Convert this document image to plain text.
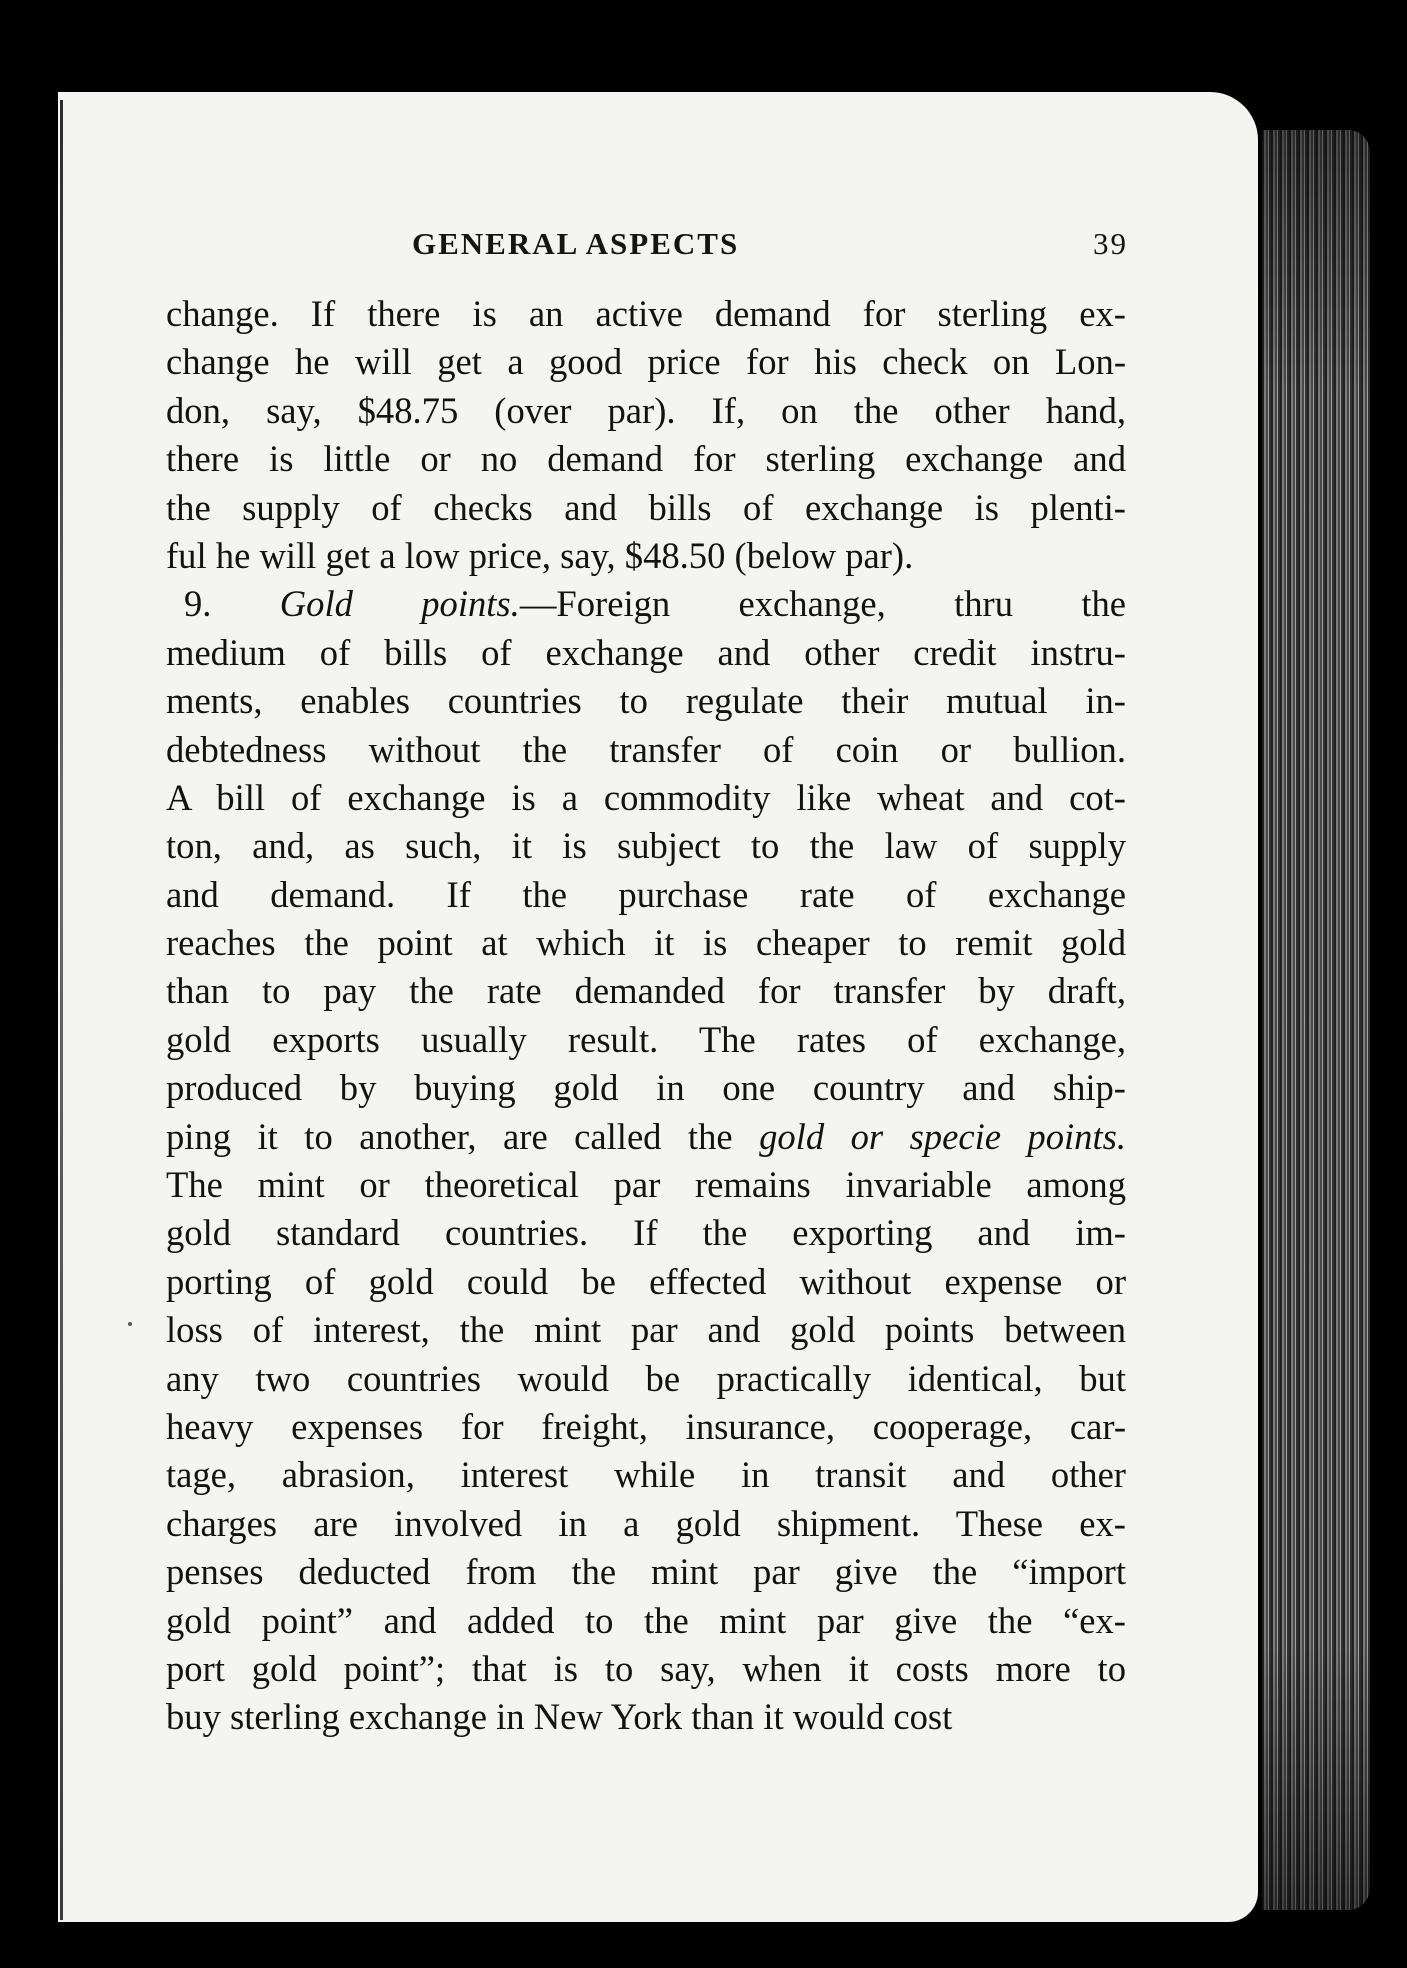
GENERAL ASPECTS	39
change. If there is an active demand for sterling ex-
change he will get a good price for his check on Lon-
don, say, $48.75 (over par). If, on the other hand,
there is little or no demand for sterling exchange and
the supply of checks and bills of exchange is plenti-
ful he will get a low price, say, $48.50 (below par).
9. Gold points.—Foreign exchange, thru the
medium of bills of exchange and other credit instru-
ments, enables countries to regulate their mutual in-
debtedness without the transfer of coin or bullion.
A bill of exchange is a commodity like wheat and cot-
ton, and, as such, it is subject to the law of supply
and demand. If the purchase rate of exchange
reaches the point at which it is cheaper to remit gold
than to pay the rate demanded for transfer by draft,
gold exports usually result. The rates of exchange,
produced by buying gold in one country and ship-
ping it to another, are called the gold or specie points.
The mint or theoretical par remains invariable among
gold standard countries. If the exporting and im-
porting of gold could be effected without expense or
loss of interest, the mint par and gold points between
any two countries would be practically identical, but
heavy expenses for freight, insurance, cooperage, car-
tage, abrasion, interest while in transit and other
charges are involved in a gold shipment. These ex-
penses deducted from the mint par give the “import
gold point” and added to the mint par give the “ex-
port gold point”; that is to say, when it costs more to
buy sterling exchange in New York than it would cost
